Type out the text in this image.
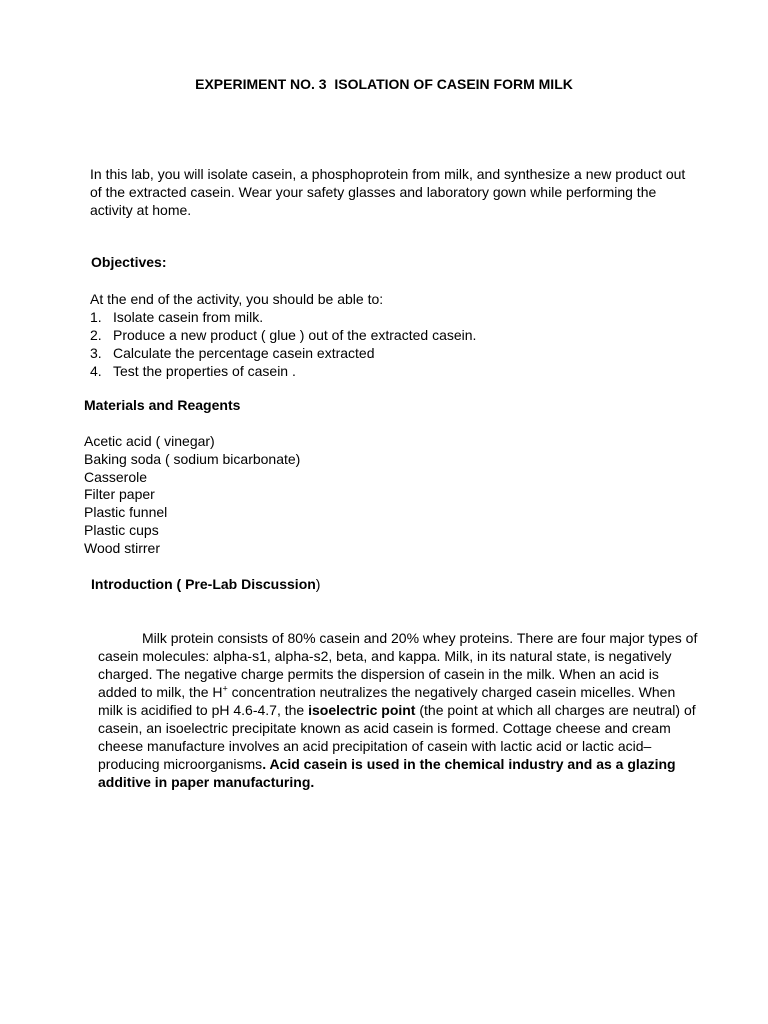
EXPERIMENT NO. 3  ISOLATION OF CASEIN FORM MILK
In this lab, you will isolate casein, a phosphoprotein from milk, and synthesize a new product out of the extracted casein. Wear your safety glasses and laboratory gown while performing the activity at home.
Objectives:
At the end of the activity, you should be able to:
1. Isolate casein from milk.
2. Produce a new product ( glue ) out of the extracted casein.
3. Calculate the percentage casein extracted
4. Test the properties of casein .
Materials and Reagents
Acetic acid ( vinegar)
Baking soda ( sodium bicarbonate)
Casserole
Filter paper
Plastic funnel
Plastic cups
Wood stirrer
Introduction ( Pre-Lab Discussion)
Milk protein consists of 80% casein and 20% whey proteins. There are four major types of casein molecules: alpha-s1, alpha-s2, beta, and kappa. Milk, in its natural state, is negatively charged. The negative charge permits the dispersion of casein in the milk. When an acid is added to milk, the H+ concentration neutralizes the negatively charged casein micelles. When milk is acidified to pH 4.6-4.7, the isoelectric point (the point at which all charges are neutral) of casein, an isoelectric precipitate known as acid casein is formed. Cottage cheese and cream cheese manufacture involves an acid precipitation of casein with lactic acid or lactic acid–producing microorganisms. Acid casein is used in the chemical industry and as a glazing additive in paper manufacturing.
